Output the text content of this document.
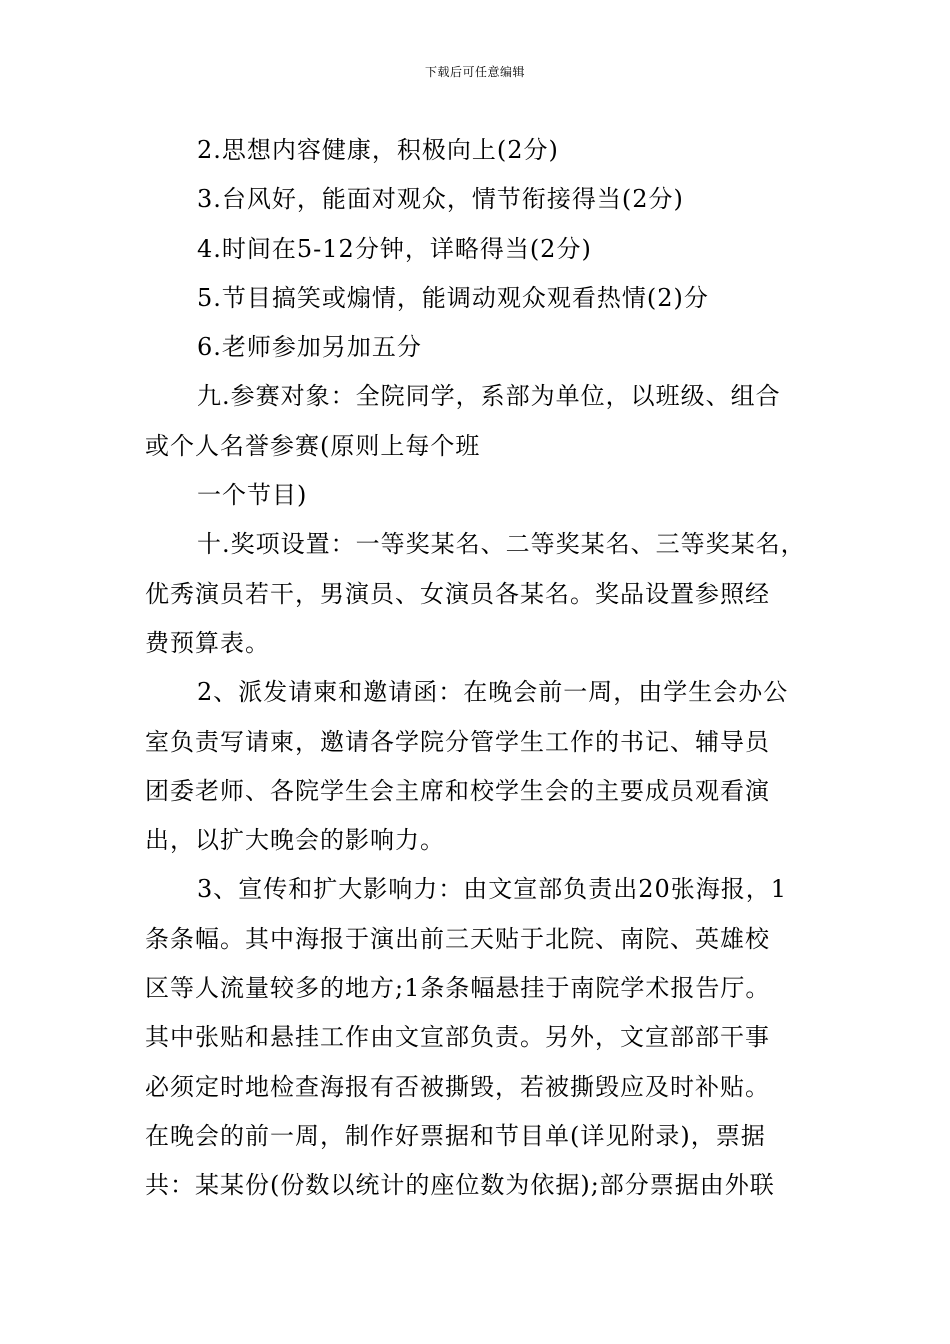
下载后可任意编辑
2.思想内容健康，积极向上(2分)
3.台风好，能面对观众，情节衔接得当(2分)
4.时间在5-12分钟，详略得当(2分)
5.节目搞笑或煽情，能调动观众观看热情(2)分
6.老师参加另加五分
九.参赛对象：全院同学，系部为单位，以班级、组合
或个人名誉参赛(原则上每个班
一个节目)
十.奖项设置：一等奖某名、二等奖某名、三等奖某名，
优秀演员若干，男演员、女演员各某名。奖品设置参照经
费预算表。
2、派发请柬和邀请函：在晚会前一周，由学生会办公
室负责写请柬，邀请各学院分管学生工作的书记、辅导员
团委老师、各院学生会主席和校学生会的主要成员观看演
出，以扩大晚会的影响力。
3、宣传和扩大影响力：由文宣部负责出20张海报，1
条条幅。其中海报于演出前三天贴于北院、南院、英雄校
区等人流量较多的地方;1条条幅悬挂于南院学术报告厅。
其中张贴和悬挂工作由文宣部负责。另外，文宣部部干事
必须定时地检查海报有否被撕毁，若被撕毁应及时补贴。
在晚会的前一周，制作好票据和节目单(详见附录)，票据
共：某某份(份数以统计的座位数为依据);部分票据由外联
